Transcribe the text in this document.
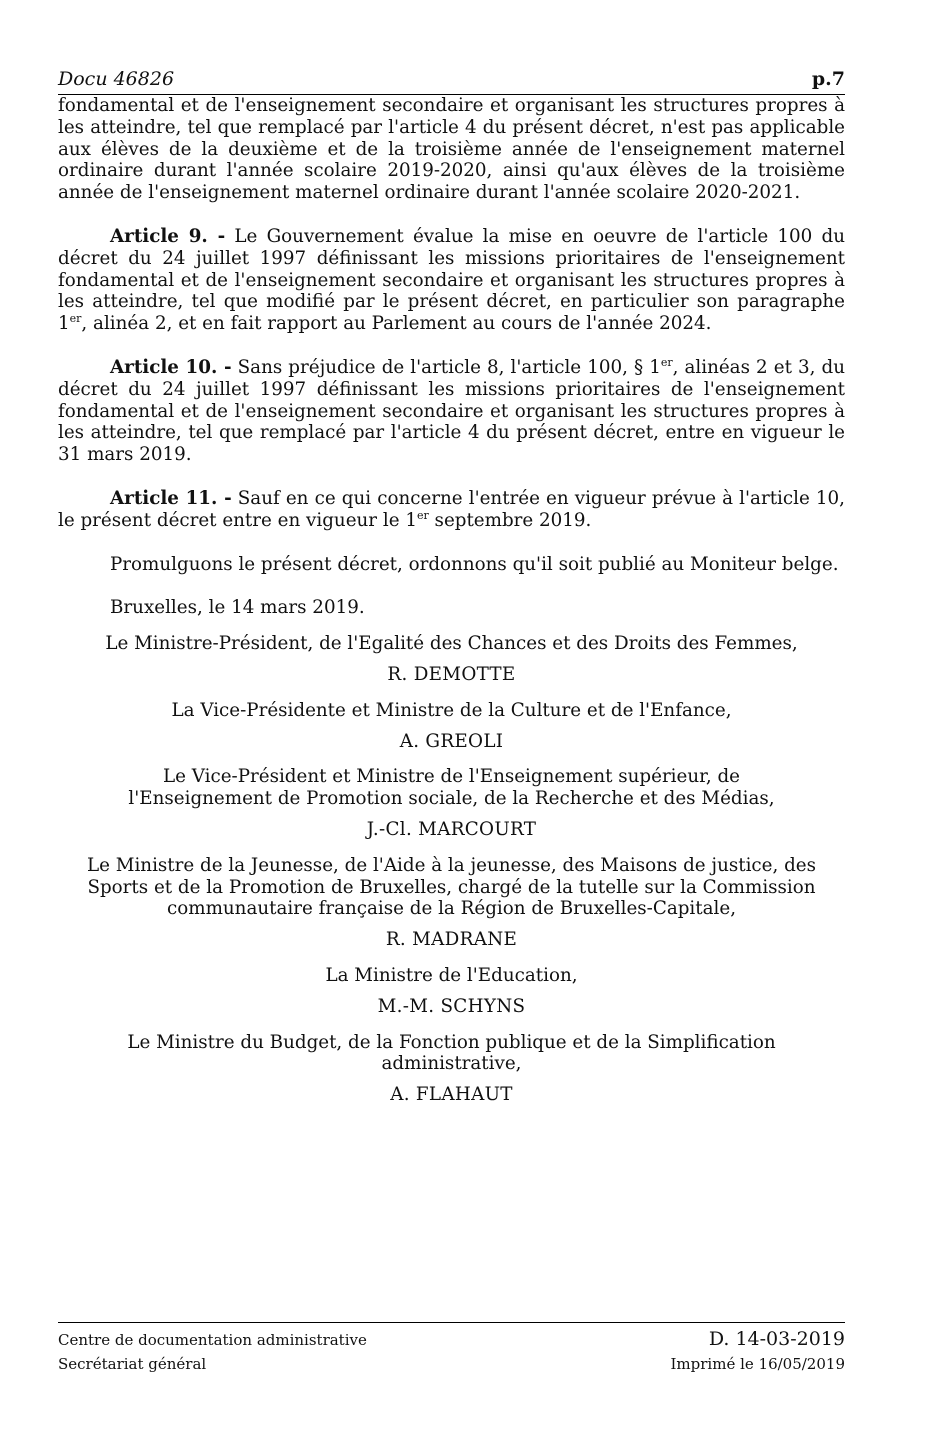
Docu 46826	p.7

fondamental et de l'enseignement secondaire et organisant les structures propres à les atteindre, tel que remplacé par l'article 4 du présent décret, n'est pas applicable aux élèves de la deuxième et de la troisième année de l'enseignement maternel ordinaire durant l'année scolaire 2019-2020, ainsi qu'aux élèves de la troisième année de l'enseignement maternel ordinaire durant l'année scolaire 2020-2021.

Article 9. - Le Gouvernement évalue la mise en oeuvre de l'article 100 du décret du 24 juillet 1997 définissant les missions prioritaires de l'enseignement fondamental et de l'enseignement secondaire et organisant les structures propres à les atteindre, tel que modifié par le présent décret, en particulier son paragraphe 1er, alinéa 2, et en fait rapport au Parlement au cours de l'année 2024.

Article 10. - Sans préjudice de l'article 8, l'article 100, § 1er, alinéas 2 et 3, du décret du 24 juillet 1997 définissant les missions prioritaires de l'enseignement fondamental et de l'enseignement secondaire et organisant les structures propres à les atteindre, tel que remplacé par l'article 4 du présent décret, entre en vigueur le 31 mars 2019.

Article 11. - Sauf en ce qui concerne l'entrée en vigueur prévue à l'article 10, le présent décret entre en vigueur le 1er septembre 2019.

Promulguons le présent décret, ordonnons qu'il soit publié au Moniteur belge.

Bruxelles, le 14 mars 2019.

Le Ministre-Président, de l'Egalité des Chances et des Droits des Femmes,

R. DEMOTTE

La Vice-Présidente et Ministre de la Culture et de l'Enfance,

A. GREOLI

Le Vice-Président et Ministre de l'Enseignement supérieur, de l'Enseignement de Promotion sociale, de la Recherche et des Médias,

J.-Cl. MARCOURT

Le Ministre de la Jeunesse, de l'Aide à la jeunesse, des Maisons de justice, des Sports et de la Promotion de Bruxelles, chargé de la tutelle sur la Commission communautaire française de la Région de Bruxelles-Capitale,

R. MADRANE

La Ministre de l'Education,

M.-M. SCHYNS

Le Ministre du Budget, de la Fonction publique et de la Simplification administrative,

A. FLAHAUT

Centre de documentation administrative
Secrétariat général
D. 14-03-2019
Imprimé le 16/05/2019
